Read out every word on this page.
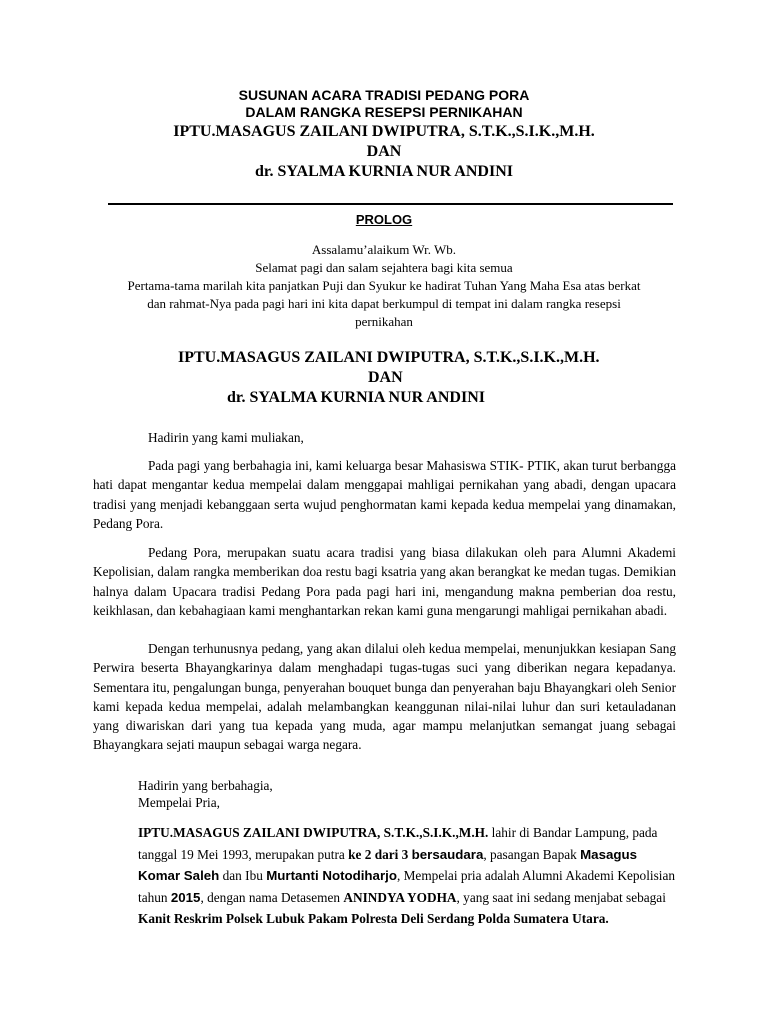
SUSUNAN ACARA TRADISI PEDANG PORA
DALAM RANGKA RESEPSI PERNIKAHAN
IPTU.MASAGUS ZAILANI DWIPUTRA, S.T.K.,S.I.K.,M.H.
DAN
dr. SYALMA KURNIA NUR ANDINI
PROLOG
Assalamu’alaikum Wr. Wb.
Selamat pagi dan salam sejahtera bagi kita semua
Pertama-tama marilah kita panjatkan Puji dan Syukur ke hadirat Tuhan Yang Maha Esa atas berkat
dan rahmat-Nya pada pagi hari ini kita dapat berkumpul di tempat ini dalam rangka resepsi
pernikahan
IPTU.MASAGUS ZAILANI DWIPUTRA, S.T.K.,S.I.K.,M.H.
DAN
dr. SYALMA KURNIA NUR ANDINI

Hadirin yang kami muliakan,

Pada pagi yang berbahagia ini, kami keluarga besar Mahasiswa STIK- PTIK, akan turut berbangga hati dapat mengantar kedua mempelai dalam menggapai mahligai pernikahan yang abadi, dengan upacara tradisi yang menjadi kebanggaan serta wujud penghormatan kami kepada kedua mempelai yang dinamakan, Pedang Pora.

Pedang Pora, merupakan suatu acara tradisi yang biasa dilakukan oleh para Alumni Akademi Kepolisian, dalam rangka memberikan doa restu bagi ksatria yang akan berangkat ke medan tugas. Demikian halnya dalam Upacara tradisi Pedang Pora pada pagi hari ini, mengandung makna pemberian doa restu, keikhlasan, dan kebahagiaan kami menghantarkan rekan kami guna mengarungi mahligai pernikahan abadi.

Dengan terhunusnya pedang, yang akan dilalui oleh kedua mempelai, menunjukkan kesiapan Sang Perwira beserta Bhayangkarinya dalam menghadapi tugas-tugas suci yang diberikan negara kepadanya. Sementara itu, pengalungan bunga, penyerahan bouquet bunga dan penyerahan baju Bhayangkari oleh Senior kami kepada kedua mempelai, adalah melambangkan keanggunan nilai-nilai luhur dan suri ketauladanan yang diwariskan dari yang tua kepada yang muda, agar mampu melanjutkan semangat juang sebagai Bhayangkara sejati maupun sebagai warga negara.

Hadirin yang berbahagia,

Mempelai Pria,

IPTU.MASAGUS ZAILANI DWIPUTRA, S.T.K.,S.I.K.,M.H. lahir di Bandar Lampung, pada tanggal 19 Mei 1993, merupakan putra ke 2 dari 3 bersaudara, pasangan Bapak Masagus Komar Saleh dan Ibu Murtanti Notodiharjo, Mempelai pria adalah Alumni Akademi Kepolisian tahun 2015, dengan nama Detasemen ANINDYA YODHA, yang saat ini sedang menjabat sebagai Kanit Reskrim Polsek Lubuk Pakam Polresta Deli Serdang Polda Sumatera Utara.
